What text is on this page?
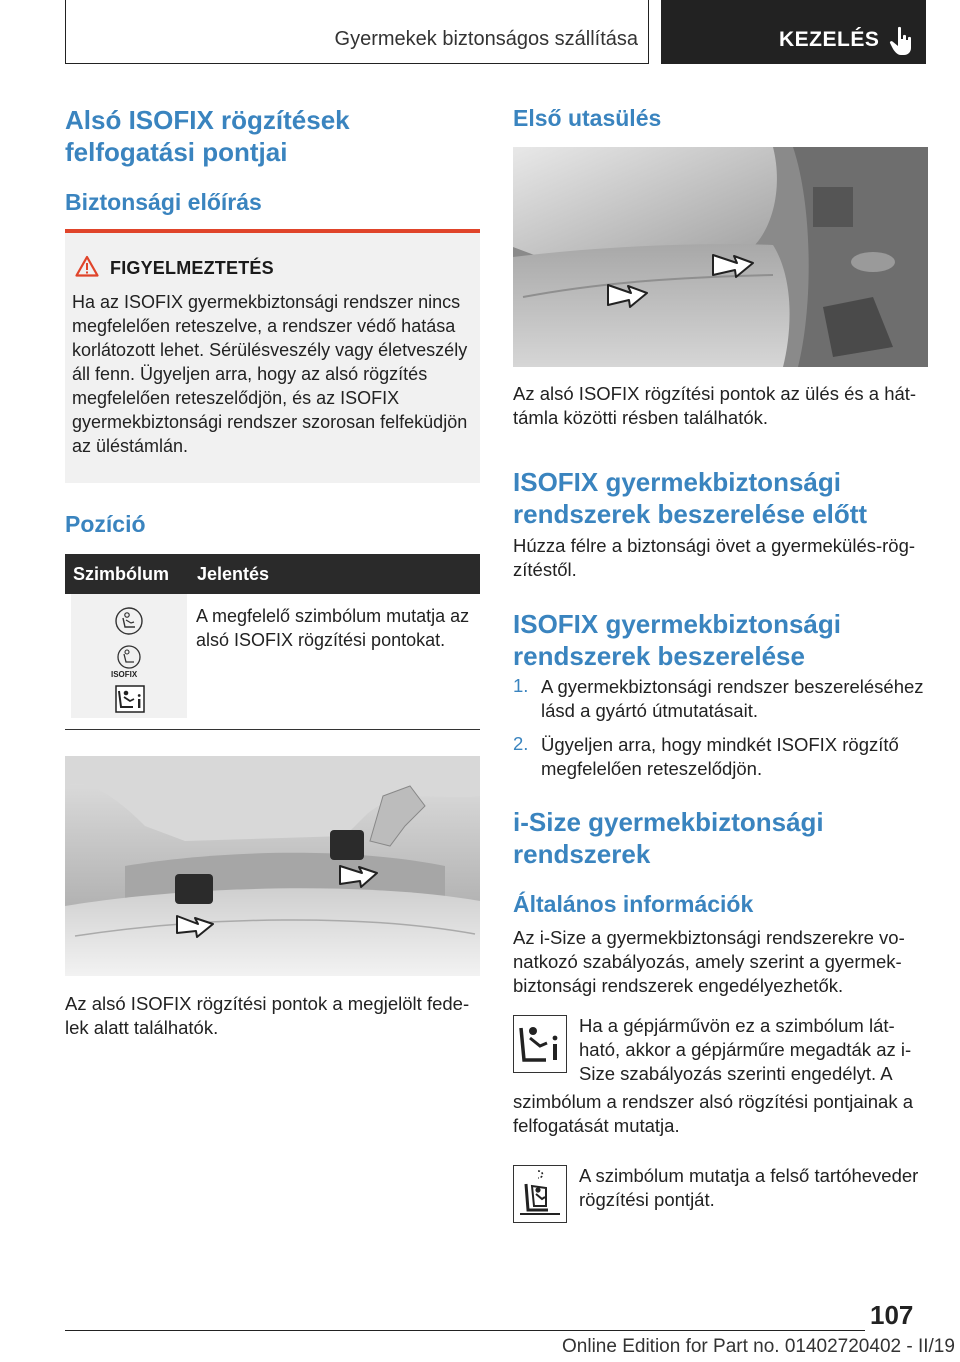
Gyermekek biztonságos szállítása	KEZELÉS
Alsó ISOFIX rögzítések felfogatási pontjai
Biztonsági előírás
FIGYELMEZTETÉS
Ha az ISOFIX gyermekbiztonsági rendszer nincs megfelelően reteszelve, a rendszer védő hatása korlátozott lehet. Sérülésveszély vagy életveszély áll fenn. Ügyeljen arra, hogy az alsó rögzítés megfelelően reteszelődjön, és az ISOFIX gyermekbiztonsági rendszer szorosan felfeküdjön az üléstámlán.
Pozíció
Szimbólum Jelentés
ISOFIX
A megfelelő szimbólum mutatja az alsó ISOFIX rögzítési pontokat.
Az alsó ISOFIX rögzítési pontok a megjelölt fedelek alatt találhatók.
Első utasülés
Az alsó ISOFIX rögzítési pontok az ülés és a háttámla közötti résben találhatók.
ISOFIX gyermekbiztonsági rendszerek beszerelése előtt
Húzza félre a biztonsági övet a gyermekülés-rögzítéstől.
ISOFIX gyermekbiztonsági rendszerek beszerelése
1. A gyermekbiztonsági rendszer beszereléséhez lásd a gyártó útmutatásait.
2. Ügyeljen arra, hogy mindkét ISOFIX rögzítő megfelelően reteszelődjön.
i-Size gyermekbiztonsági rendszerek
Általános információk
Az i-Size a gyermekbiztonsági rendszerekre vonatkozó szabályozás, amely szerint a gyermekbiztonsági rendszerek engedélyezhetők.
Ha a gépjárművön ez a szimbólum látható, akkor a gépjárműre megadták az i-Size szabályozás szerinti engedélyt. A
szimbólum a rendszer alsó rögzítési pontjainak a felfogatását mutatja.
A szimbólum mutatja a felső tartóheveder rögzítési pontját.
107
Online Edition for Part no. 01402720402 - II/19
